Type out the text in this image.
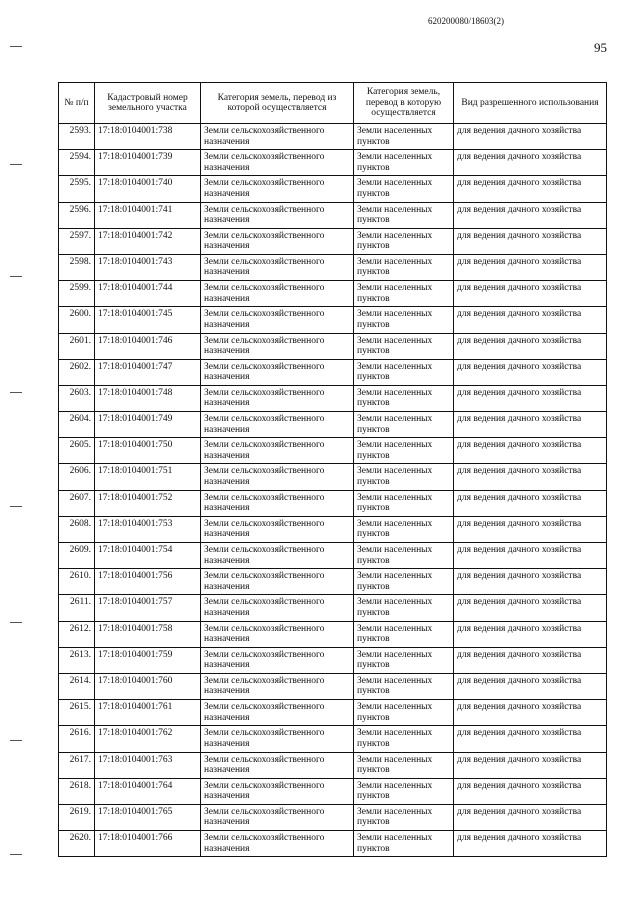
620200080/18603(2)
95
№ п/п	Кадастровый номер земельного участка	Категория земель, перевод из которой осуществляется	Категория земель, перевод в которую осуществляется	Вид разрешенного использования
2593.	17:18:0104001:738	Земли сельскохозяйственного назначения	Земли населенных пунктов	для ведения дачного хозяйства
2594.	17:18:0104001:739	Земли сельскохозяйственного назначения	Земли населенных пунктов	для ведения дачного хозяйства
2595.	17:18:0104001:740	Земли сельскохозяйственного назначения	Земли населенных пунктов	для ведения дачного хозяйства
2596.	17:18:0104001:741	Земли сельскохозяйственного назначения	Земли населенных пунктов	для ведения дачного хозяйства
2597.	17:18:0104001:742	Земли сельскохозяйственного назначения	Земли населенных пунктов	для ведения дачного хозяйства
2598.	17:18:0104001:743	Земли сельскохозяйственного назначения	Земли населенных пунктов	для ведения дачного хозяйства
2599.	17:18:0104001:744	Земли сельскохозяйственного назначения	Земли населенных пунктов	для ведения дачного хозяйства
2600.	17:18:0104001:745	Земли сельскохозяйственного назначения	Земли населенных пунктов	для ведения дачного хозяйства
2601.	17:18:0104001:746	Земли сельскохозяйственного назначения	Земли населенных пунктов	для ведения дачного хозяйства
2602.	17:18:0104001:747	Земли сельскохозяйственного назначения	Земли населенных пунктов	для ведения дачного хозяйства
2603.	17:18:0104001:748	Земли сельскохозяйственного назначения	Земли населенных пунктов	для ведения дачного хозяйства
2604.	17:18:0104001:749	Земли сельскохозяйственного назначения	Земли населенных пунктов	для ведения дачного хозяйства
2605.	17:18:0104001:750	Земли сельскохозяйственного назначения	Земли населенных пунктов	для ведения дачного хозяйства
2606.	17:18:0104001:751	Земли сельскохозяйственного назначения	Земли населенных пунктов	для ведения дачного хозяйства
2607.	17:18:0104001:752	Земли сельскохозяйственного назначения	Земли населенных пунктов	для ведения дачного хозяйства
2608.	17:18:0104001:753	Земли сельскохозяйственного назначения	Земли населенных пунктов	для ведения дачного хозяйства
2609.	17:18:0104001:754	Земли сельскохозяйственного назначения	Земли населенных пунктов	для ведения дачного хозяйства
2610.	17:18:0104001:756	Земли сельскохозяйственного назначения	Земли населенных пунктов	для ведения дачного хозяйства
2611.	17:18:0104001:757	Земли сельскохозяйственного назначения	Земли населенных пунктов	для ведения дачного хозяйства
2612.	17:18:0104001:758	Земли сельскохозяйственного назначения	Земли населенных пунктов	для ведения дачного хозяйства
2613.	17:18:0104001:759	Земли сельскохозяйственного назначения	Земли населенных пунктов	для ведения дачного хозяйства
2614.	17:18:0104001:760	Земли сельскохозяйственного назначения	Земли населенных пунктов	для ведения дачного хозяйства
2615.	17:18:0104001:761	Земли сельскохозяйственного назначения	Земли населенных пунктов	для ведения дачного хозяйства
2616.	17:18:0104001:762	Земли сельскохозяйственного назначения	Земли населенных пунктов	для ведения дачного хозяйства
2617.	17:18:0104001:763	Земли сельскохозяйственного назначения	Земли населенных пунктов	для ведения дачного хозяйства
2618.	17:18:0104001:764	Земли сельскохозяйственного назначения	Земли населенных пунктов	для ведения дачного хозяйства
2619.	17:18:0104001:765	Земли сельскохозяйственного назначения	Земли населенных пунктов	для ведения дачного хозяйства
2620.	17:18:0104001:766	Земли сельскохозяйственного назначения	Земли населенных пунктов	для ведения дачного хозяйства
